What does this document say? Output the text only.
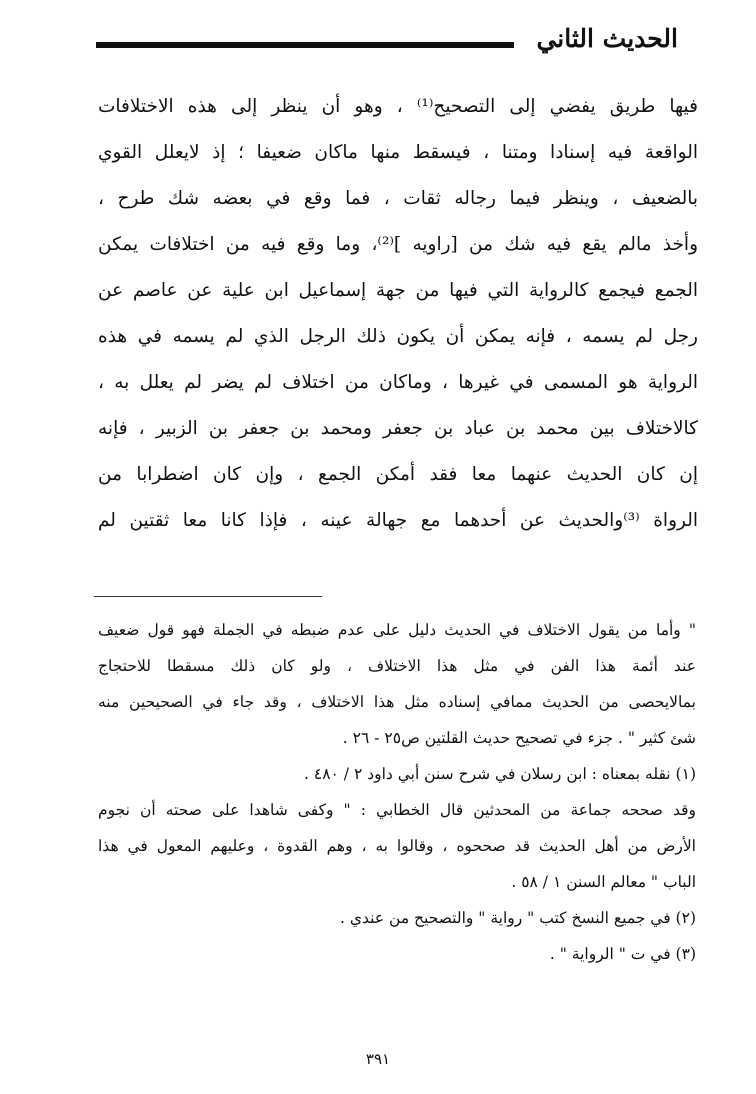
الحديث الثاني
فيها طريق يفضي إلى التصحيح⁽¹⁾ ، وهو أن ينظر إلى هذه الاختلافات
الواقعة فيه إسنادا ومتنا ، فيسقط منها ماكان ضعيفا ؛ إذ لايعلل القوي
بالضعيف ، وينظر فيما رجاله ثقات ، فما وقع في بعضه شك طرح ،
وأخذ مالم يقع فيه شك من [راويه ]⁽²⁾، وما وقع فيه من اختلافات يمكن
الجمع فيجمع كالرواية التي فيها من جهة إسماعيل ابن علية عن عاصم عن
رجل لم يسمه ، فإنه يمكن أن يكون ذلك الرجل الذي لم يسمه في هذه
الرواية هو المسمى في غيرها ، وماكان من اختلاف لم يضر لم يعلل به ،
كالاختلاف بين محمد بن عباد بن جعفر ومحمد بن جعفر بن الزبير ، فإنه
إن كان الحديث عنهما معا فقد أمكن الجمع ، وإن كان اضطرابا من
الرواة ⁽³⁾والحديث عن أحدهما مع جهالة عينه ، فإذا كانا معا ثقتين لم
" وأما من يقول الاختلاف في الحديث دليل على عدم ضبطه في الجملة فهو قول ضعيف
عند أئمة هذا الفن في مثل هذا الاختلاف ، ولو كان ذلك مسقطا للاحتجاج
بمالايحصى من الحديث ممافي إسناده مثل هذا الاختلاف ، وقد جاء في الصحيحين منه
شئ كثير " . جزء في تصحيح حديث القلتين ص٢٥ - ٢٦ .
(١) نقله بمعناه : ابن رسلان في شرح سنن أبي داود ٢ / ٤٨٠ .
وقد صححه جماعة من المحدثين قال الخطابي : " وكفى شاهدا على صحته أن نجوم
الأرض من أهل الحديث قد صححوه ، وقالوا به ، وهم القدوة ، وعليهم المعول في هذا
الباب " معالم السنن ١ / ٥٨ .
(٢) في جميع النسخ كتب " رواية " والتصحيح من عندي .
(٣) في ت " الرواية " .
٣٩١
